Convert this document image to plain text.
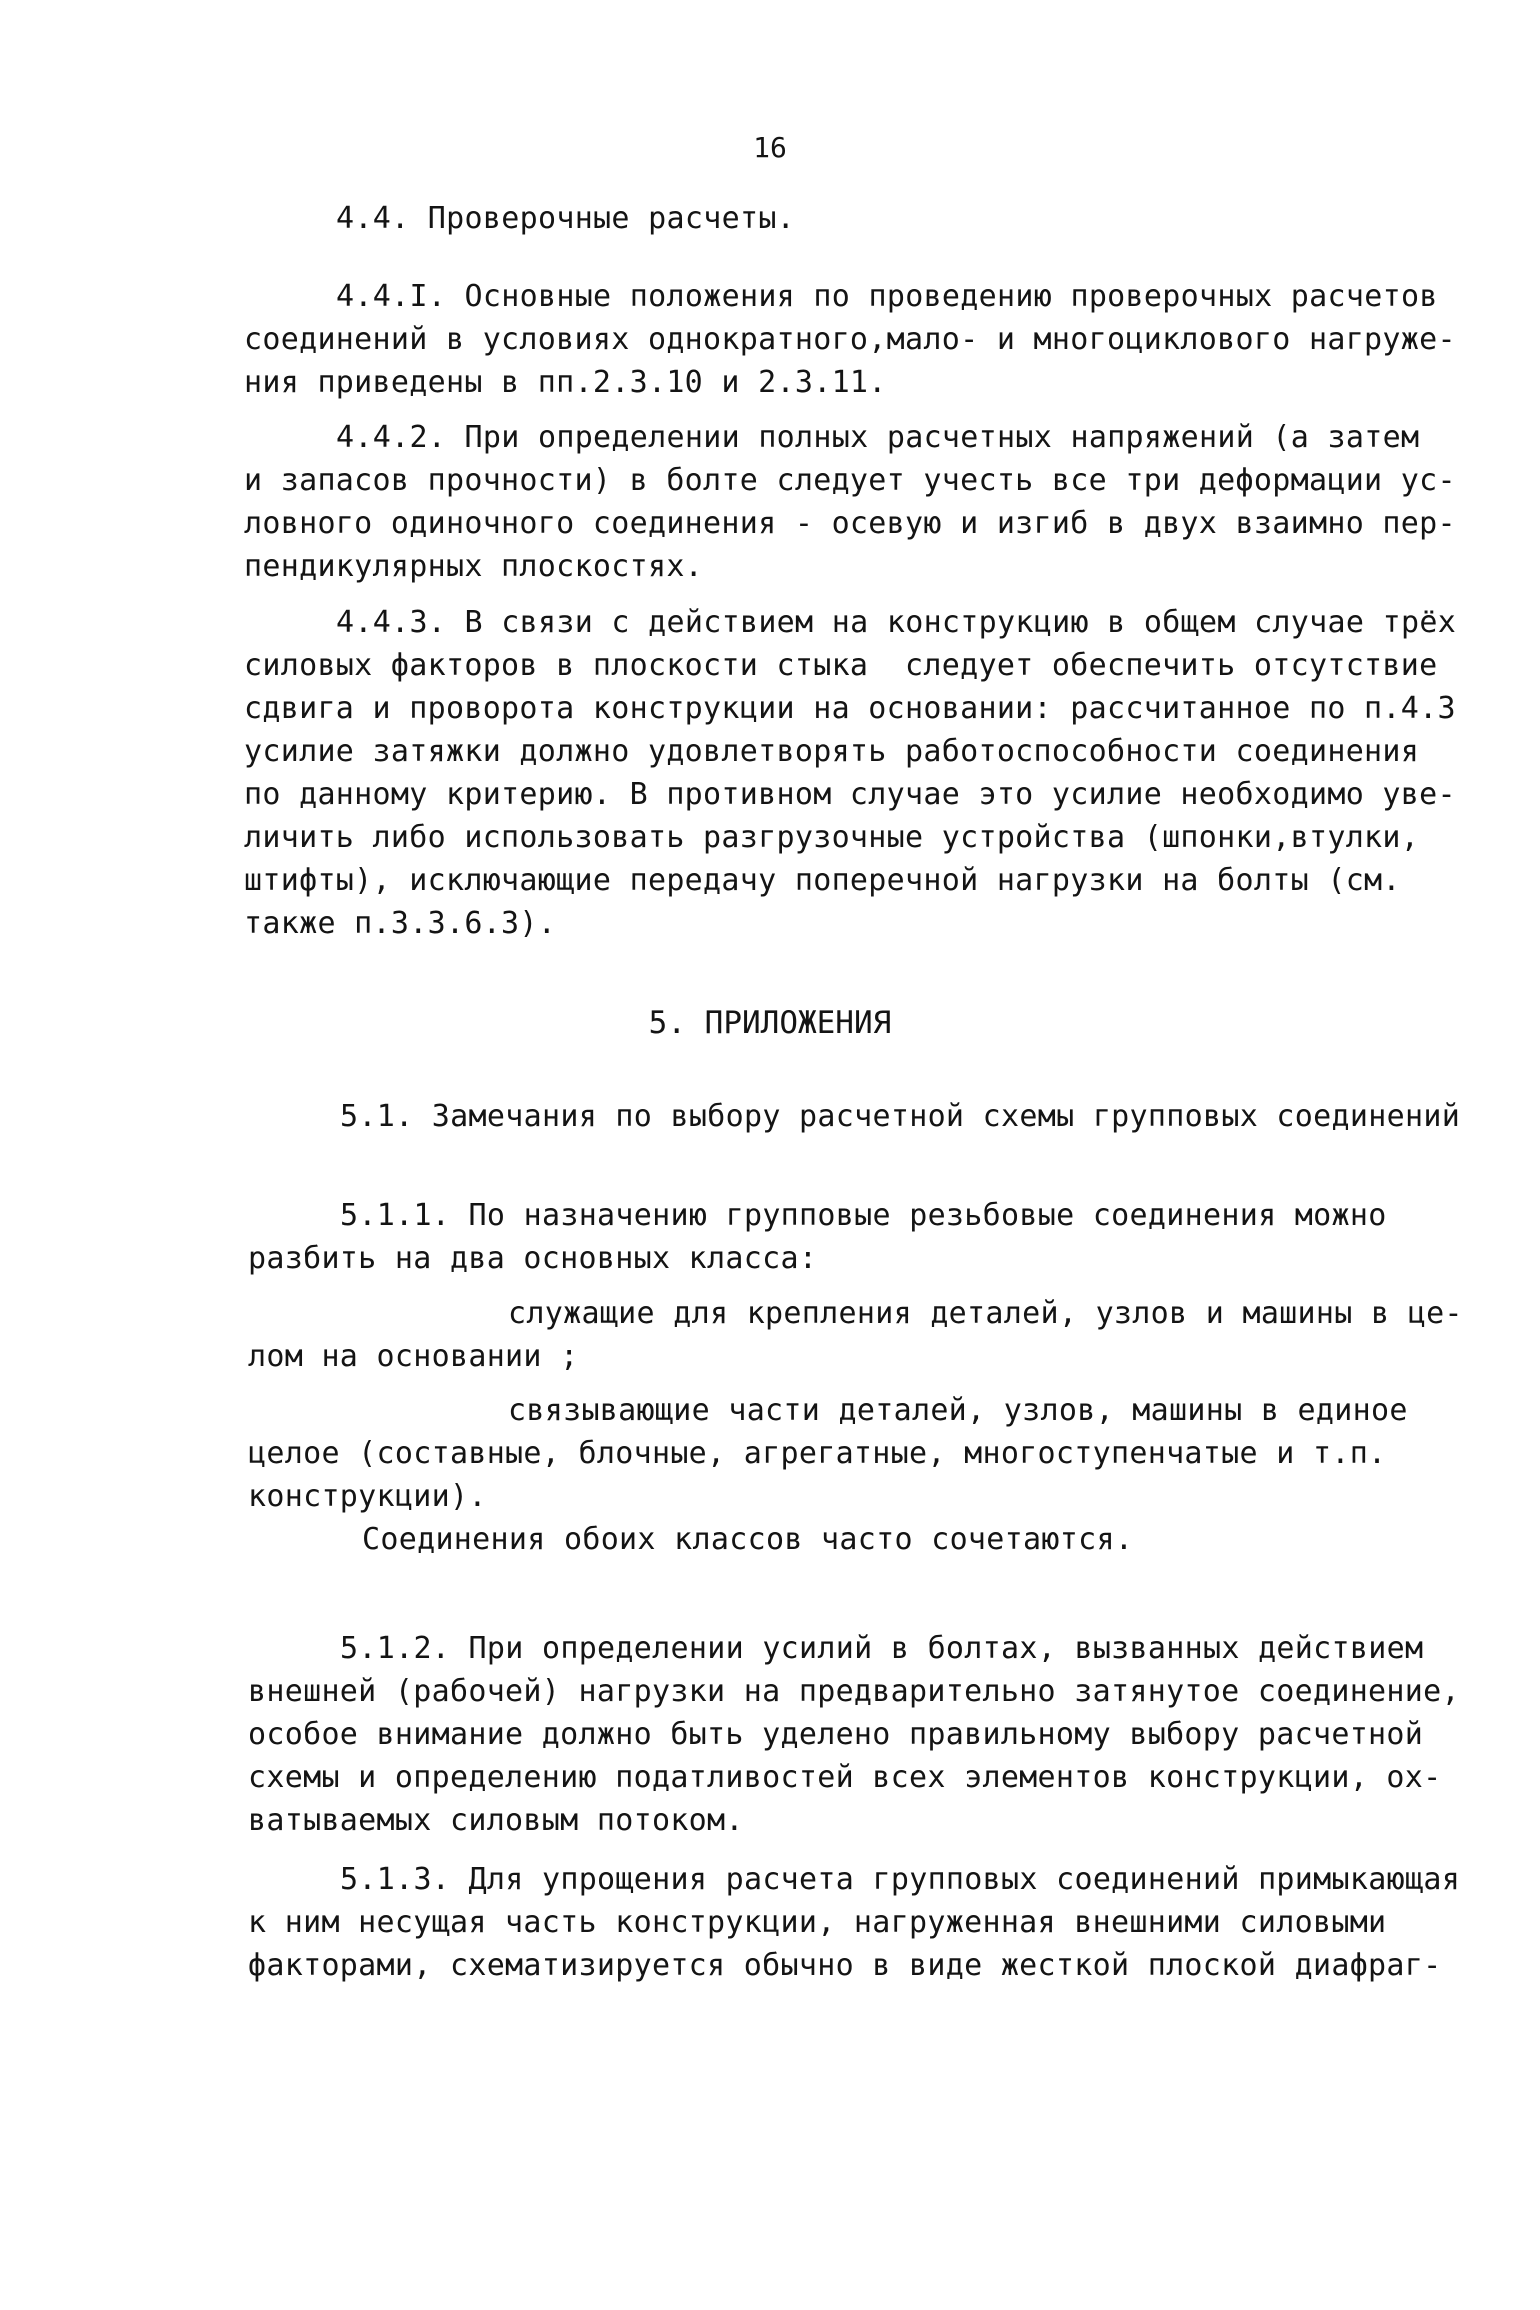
16
4.4. Проверочные расчеты.
4.4.I. Основные положения по проведению проверочных расчетов
соединений в условиях однократного,мало- и многоциклового нагруже-
ния приведены в пп.2.3.10 и 2.3.11.
4.4.2. При определении полных расчетных напряжений (а затем
и запасов прочности) в болте следует учесть все три деформации ус-
ловного одиночного соединения - осевую и изгиб в двух взаимно пер-
пендикулярных плоскостях.
4.4.3. В связи с действием на конструкцию в общем случае трёх
силовых факторов в плоскости стыка  следует обеспечить отсутствие
сдвига и проворота конструкции на основании: рассчитанное по п.4.3
усилие затяжки должно удовлетворять работоспособности соединения
по данному критерию. В противном случае это усилие необходимо уве-
личить либо использовать разгрузочные устройства (шпонки,втулки,
штифты), исключающие передачу поперечной нагрузки на болты (см.
также п.3.3.6.3).
5. ПРИЛОЖЕНИЯ
5.1. Замечания по выбору расчетной схемы групповых соединений
5.1.1. По назначению групповые резьбовые соединения можно
разбить на два основных класса:
служащие для крепления деталей, узлов и машины в це-
лом на основании ;
связывающие части деталей, узлов, машины в единое
целое (составные, блочные, агрегатные, многоступенчатые и т.п.
конструкции).
Соединения обоих классов часто сочетаются.
5.1.2. При определении усилий в болтах, вызванных действием
внешней (рабочей) нагрузки на предварительно затянутое соединение,
особое внимание должно быть уделено правильному выбору расчетной
схемы и определению податливостей всех элементов конструкции, ох-
ватываемых силовым потоком.
5.1.3. Для упрощения расчета групповых соединений примыкающая
к ним несущая часть конструкции, нагруженная внешними силовыми
факторами, схематизируется обычно в виде жесткой плоской диафраг-
